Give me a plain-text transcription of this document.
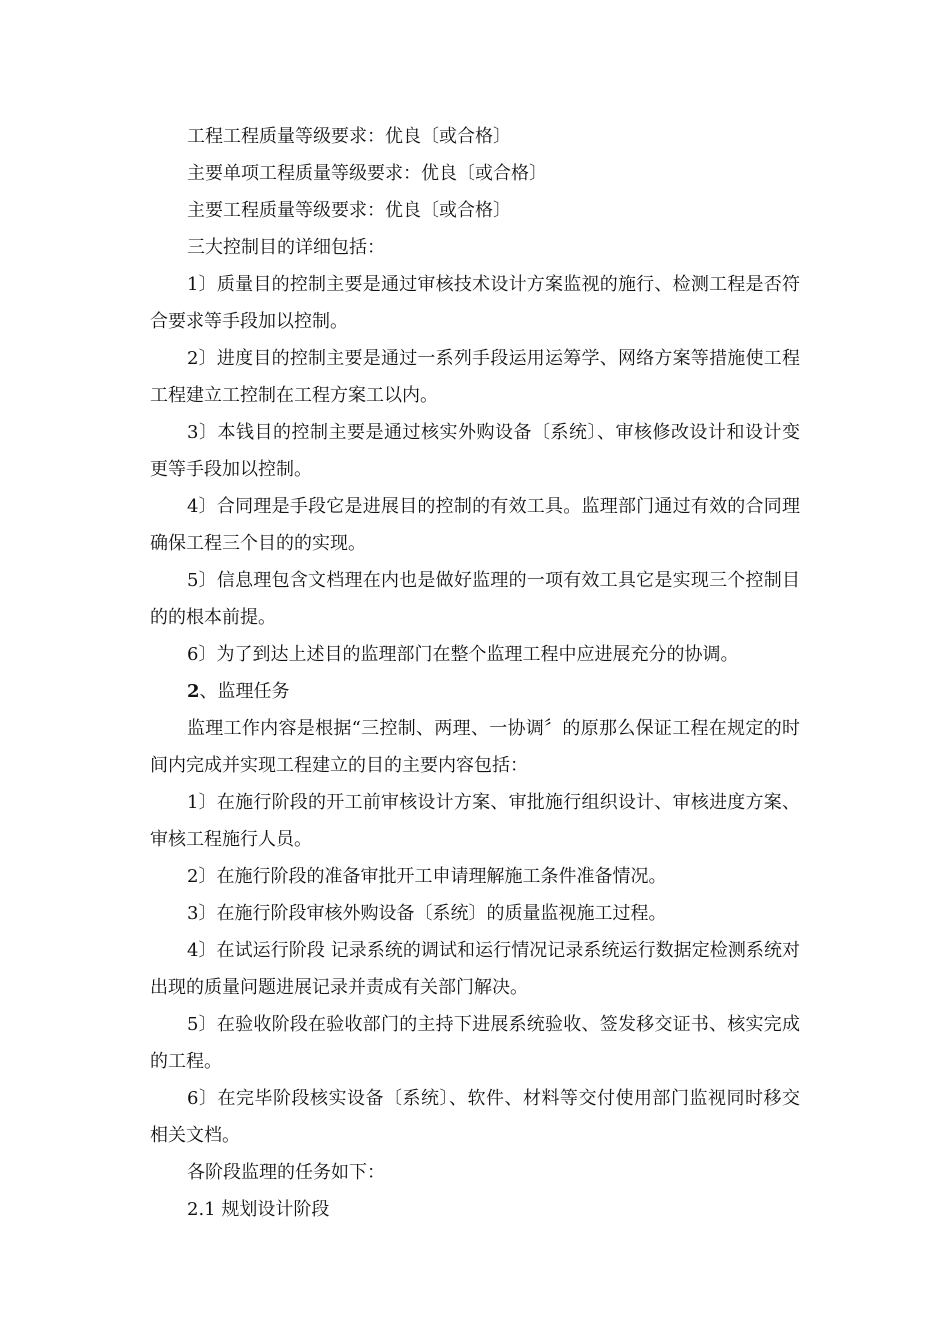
工程工程质量等级要求：优良〔或合格〕

主要单项工程质量等级要求：优良〔或合格〕

主要工程质量等级要求：优良〔或合格〕

三大控制目的详细包括：

1〕质量目的控制主要是通过审核技术设计方案监视的施行、检测工程是否符合要求等手段加以控制。

2〕进度目的控制主要是通过一系列手段运用运筹学、网络方案等措施使工程工程建立工控制在工程方案工以内。

3〕本钱目的控制主要是通过核实外购设备〔系统〕、审核修改设计和设计变更等手段加以控制。

4〕合同理是手段它是进展目的控制的有效工具。监理部门通过有效的合同理确保工程三个目的的实现。

5〕信息理包含文档理在内也是做好监理的一项有效工具它是实现三个控制目的的根本前提。

6〕为了到达上述目的监理部门在整个监理工程中应进展充分的协调。

2、监理任务

监理工作内容是根据“三控制、两理、一协调〞的原那么保证工程在规定的时间内完成并实现工程建立的目的主要内容包括：

1〕在施行阶段的开工前审核设计方案、审批施行组织设计、审核进度方案、审核工程施行人员。

2〕在施行阶段的准备审批开工申请理解施工条件准备情况。

3〕在施行阶段审核外购设备〔系统〕的质量监视施工过程。

4〕在试运行阶段 记录系统的调试和运行情况记录系统运行数据定检测系统对出现的质量问题进展记录并责成有关部门解决。

5〕在验收阶段在验收部门的主持下进展系统验收、签发移交证书、核实完成的工程。

6〕在完毕阶段核实设备〔系统〕、软件、材料等交付使用部门监视同时移交相关文档。

各阶段监理的任务如下：

2.1 规划设计阶段
